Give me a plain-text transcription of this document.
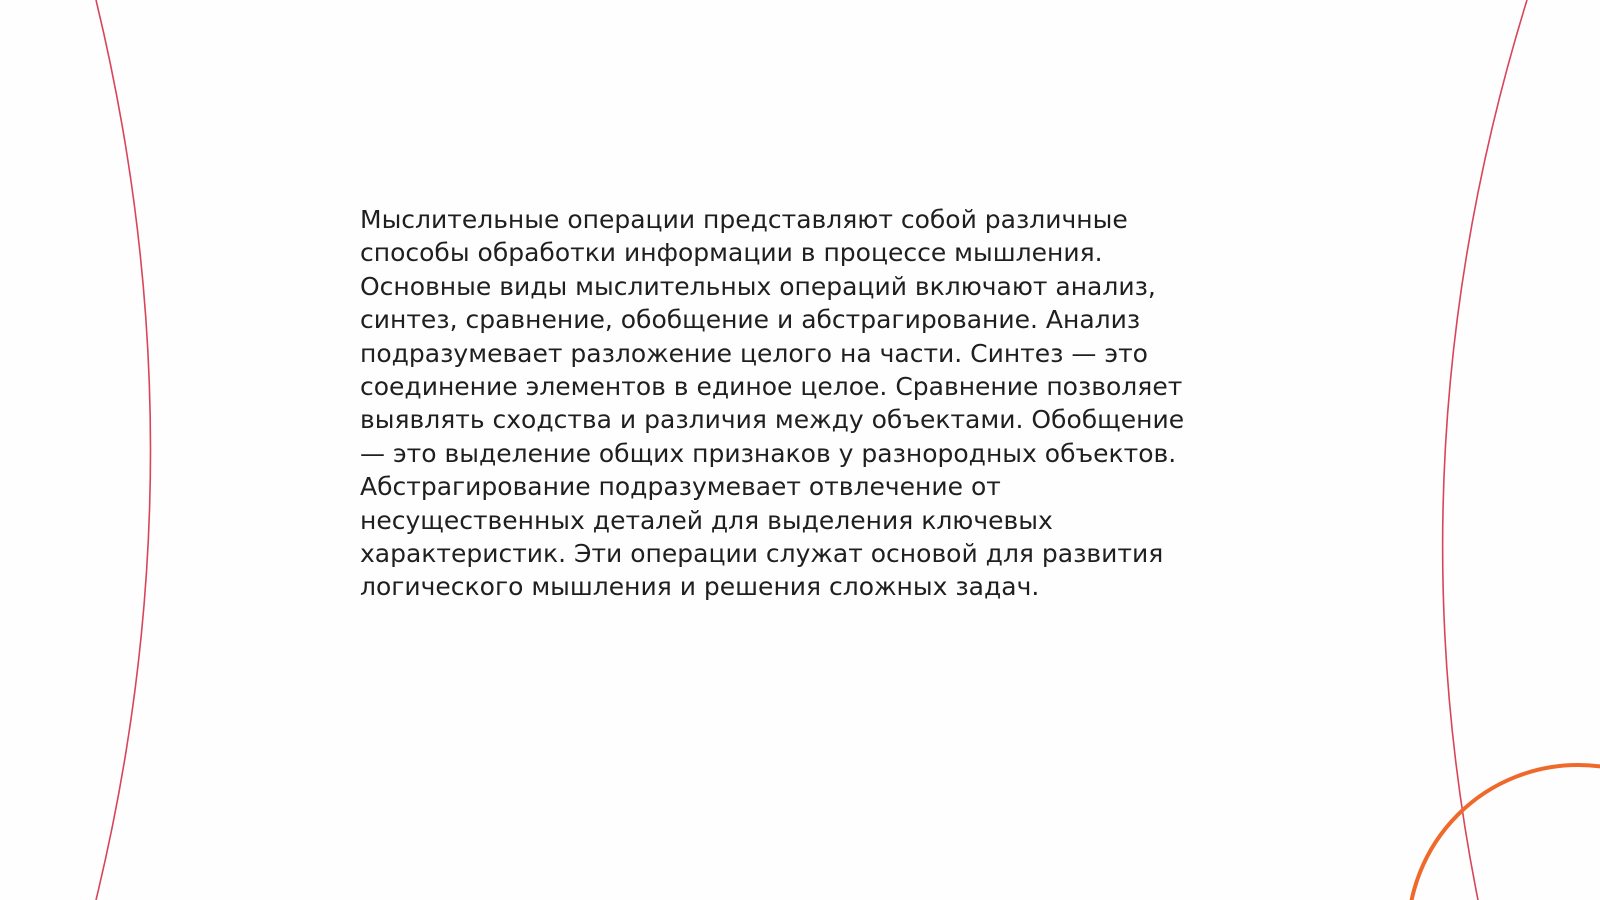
Мыслительные операции представляют собой различные
способы обработки информации в процессе мышления.
Основные виды мыслительных операций включают анализ,
синтез, сравнение, обобщение и абстрагирование. Анализ
подразумевает разложение целого на части. Синтез — это
соединение элементов в единое целое. Сравнение позволяет
выявлять сходства и различия между объектами. Обобщение
— это выделение общих признаков у разнородных объектов.
Абстрагирование подразумевает отвлечение от
несущественных деталей для выделения ключевых
характеристик. Эти операции служат основой для развития
логического мышления и решения сложных задач.
